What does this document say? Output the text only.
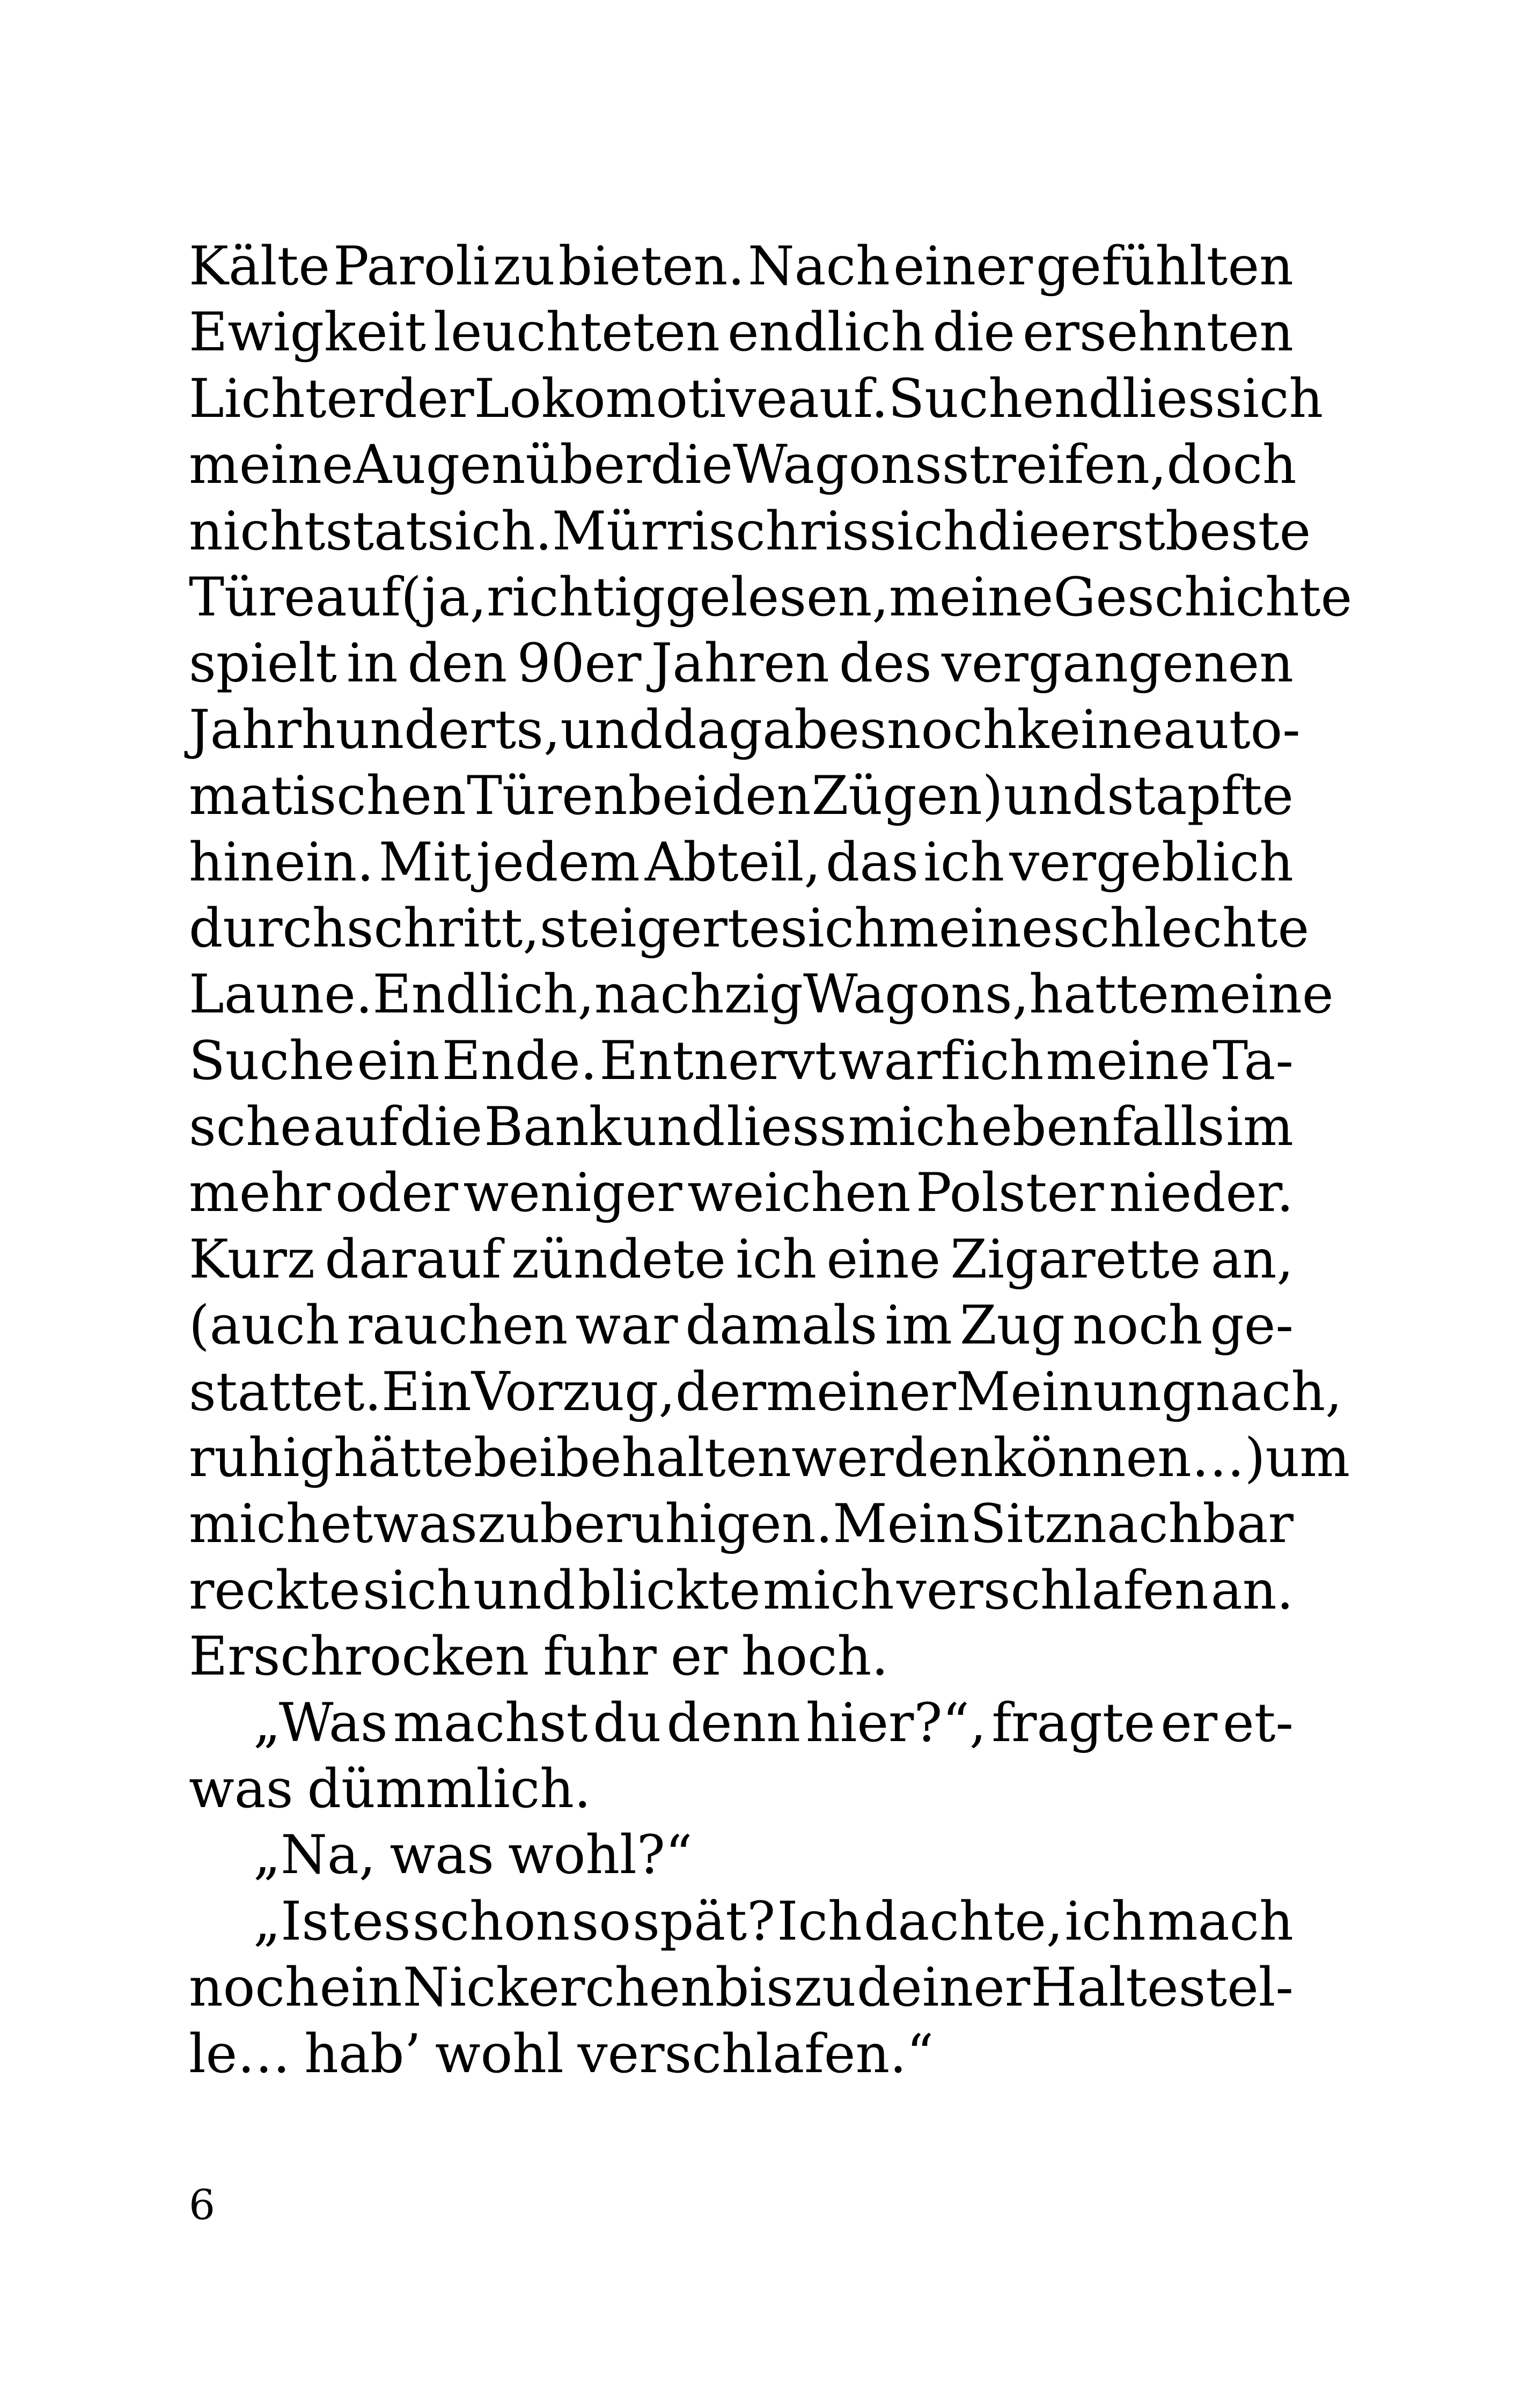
Kälte Paroli zu bieten. Nach einer gefühlten
Ewigkeit leuchteten endlich die ersehnten
Lichter der Lokomotive auf. Suchend liess ich
meine Augen über die Wagons streifen, doch
nichts tat sich. Mürrisch riss ich die erstbeste
Türe auf (ja, richtig gelesen, meine Geschichte
spielt in den 90er Jahren des vergangenen
Jahrhunderts, und da gab es noch keine auto-
matischen Türen bei den Zügen) und stapfte
hinein. Mit jedem Abteil, das ich vergeblich
durchschritt, steigerte sich meine schlechte
Laune. Endlich, nach zig Wagons, hatte meine
Suche ein Ende. Entnervt warf ich meine Ta-
sche auf die Bank und liess mich ebenfalls im
mehr oder weniger weichen Polster nieder.
Kurz darauf zündete ich eine Zigarette an,
(auch rauchen war damals im Zug noch ge-
stattet. Ein Vorzug, der meiner Meinung nach,
ruhig hätte beibehalten werden können…) um
mich etwas zu beruhigen. Mein Sitznachbar
reckte sich und blickte mich verschlafen an.
Erschrocken fuhr er hoch.
„Was machst du denn hier?“, fragte er et-
was dümmlich.
„Na, was wohl?“
„Ist es schon so spät? Ich dachte, ich mach
noch ein Nickerchen bis zu deiner Haltestel-
le… hab’ wohl verschlafen.“
6
